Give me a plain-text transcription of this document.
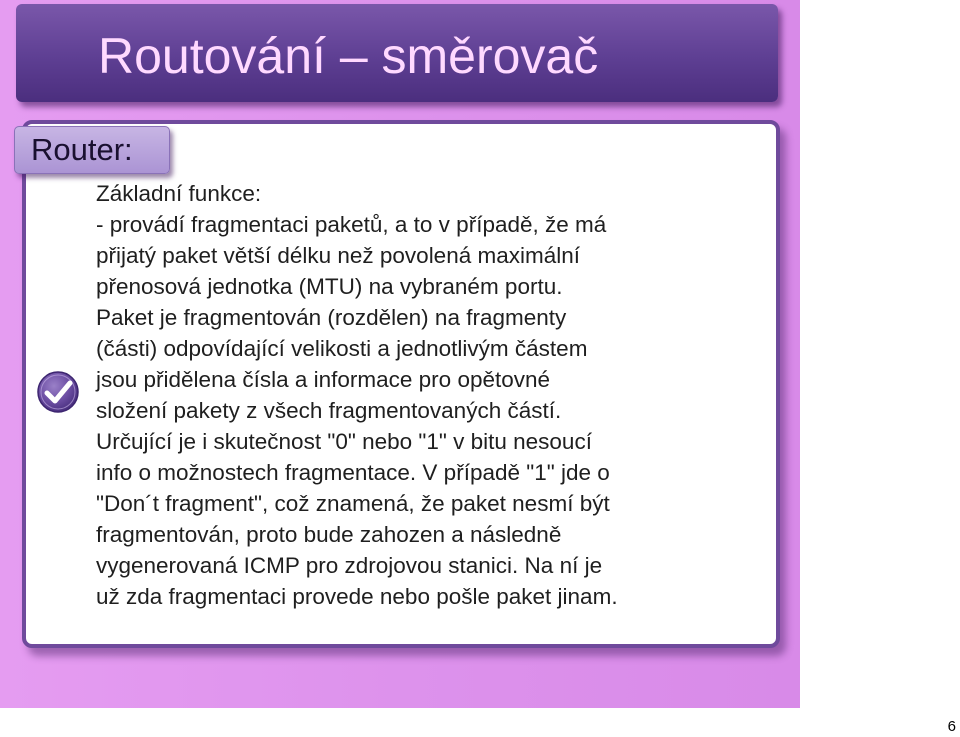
Routování – směrovač
Router:
Základní funkce:
- provádí fragmentaci paketů, a to v případě, že má
přijatý paket větší délku než povolená maximální
přenosová jednotka (MTU) na vybraném portu.
Paket je fragmentován (rozdělen) na fragmenty
(části) odpovídající velikosti a jednotlivým částem
jsou přidělena čísla a informace pro opětovné
složení pakety z všech fragmentovaných částí.
Určující je i skutečnost "0" nebo "1" v bitu nesoucí
info o možnostech fragmentace. V případě "1" jde o
"Don´t fragment", což znamená, že paket nesmí být
fragmentován, proto bude zahozen a následně
vygenerovaná ICMP pro zdrojovou stanici. Na ní je
už zda fragmentaci provede nebo pošle paket jinam.
6
